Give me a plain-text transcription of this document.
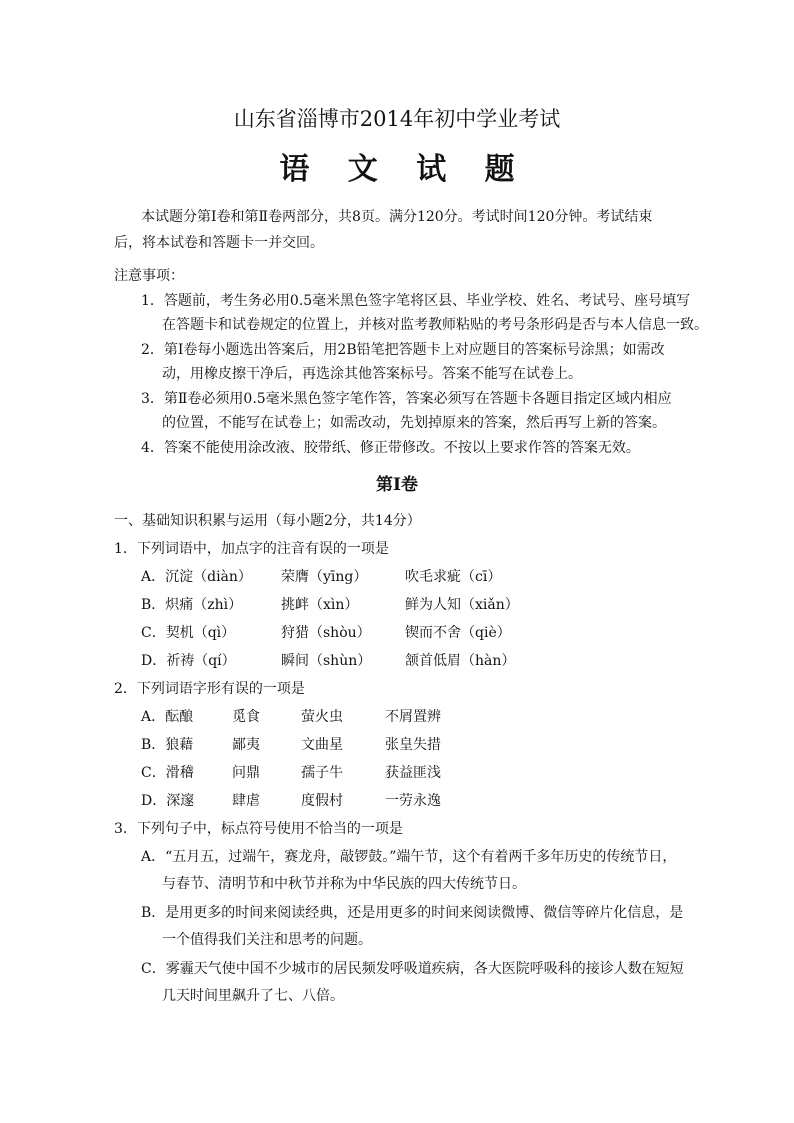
山东省淄博市2014年初中学业考试
语 文 试 题
本试题分第Ⅰ卷和第Ⅱ卷两部分，共8页。满分120分。考试时间120分钟。考试结束
后，将本试卷和答题卡一并交回。
注意事项：
1．答题前，考生务必用0.5毫米黑色签字笔将区县、毕业学校、姓名、考试号、座号填写
在答题卡和试卷规定的位置上，并核对监考教师粘贴的考号条形码是否与本人信息一致。
2．第Ⅰ卷每小题选出答案后，用2B铅笔把答题卡上对应题目的答案标号涂黑；如需改
动，用橡皮擦干净后，再选涂其他答案标号。答案不能写在试卷上。
3．第Ⅱ卷必须用0.5毫米黑色签字笔作答，答案必须写在答题卡各题目指定区域内相应
的位置，不能写在试卷上；如需改动，先划掉原来的答案，然后再写上新的答案。
4．答案不能使用涂改液、胶带纸、修正带修改。不按以上要求作答的答案无效。
第Ⅰ卷
一、基础知识积累与运用（每小题2分，共14分）
1．下列词语中，加点字的注音有误的一项是
A．沉淀（diàn） 荣膺（yīng）	吹毛求疵（cī）
B．炽痛（zhì）	挑衅（xìn）	鲜为人知（xiǎn）
C．契机（qì）	狩猎（shòu） 锲而不舍（qiè）
D．祈祷（qí）	瞬间（shùn） 颔首低眉（hàn）
2．下列词语字形有误的一项是
A．酝酿	觅食	萤火虫	不屑置辨
B．狼藉	鄙夷	文曲星	张皇失措
C．滑稽	问鼎	孺子牛	获益匪浅
D．深邃	肆虐	度假村	一劳永逸
3．下列句子中，标点符号使用不恰当的一项是
A．“五月五，过端午，赛龙舟，敲锣鼓。”端午节，这个有着两千多年历史的传统节日，
与春节、清明节和中秋节并称为中华民族的四大传统节日。
B．是用更多的时间来阅读经典，还是用更多的时间来阅读微博、微信等碎片化信息，是
一个值得我们关注和思考的问题。
C．雾霾天气使中国不少城市的居民频发呼吸道疾病，各大医院呼吸科的接诊人数在短短
几天时间里飙升了七、八倍。
